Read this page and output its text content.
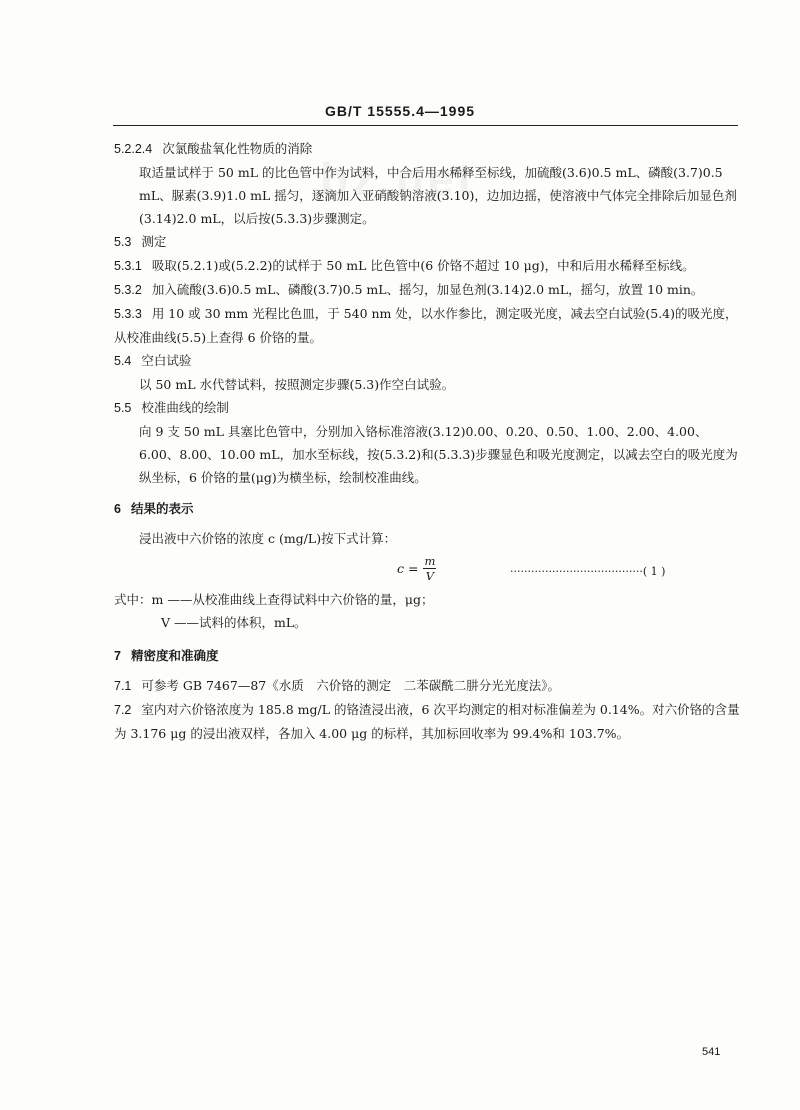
GB/T 15555.4—1995
bz.net

5.2.2.4 次氯酸盐氧化性物质的消除

取适量试样于 50 mL 的比色管中作为试料，中合后用水稀释至标线，加硫酸(3.6)0.5 mL、磷酸(3.7)0.5 mL、脲素(3.9)1.0 mL 摇匀，逐滴加入亚硝酸钠溶液(3.10)，边加边摇，使溶液中气体完全排除后加显色剂(3.14)2.0 mL，以后按(5.3.3)步骤测定。

5.3 测定

5.3.1 吸取(5.2.1)或(5.2.2)的试样于 50 mL 比色管中(6 价铬不超过 10 μg)，中和后用水稀释至标线。

5.3.2 加入硫酸(3.6)0.5 mL、磷酸(3.7)0.5 mL、摇匀，加显色剂(3.14)2.0 mL，摇匀，放置 10 min。

5.3.3 用 10 或 30 mm 光程比色皿，于 540 nm 处，以水作参比，测定吸光度，减去空白试验(5.4)的吸光度，从校准曲线(5.5)上查得 6 价铬的量。

5.4 空白试验

以 50 mL 水代替试料，按照测定步骤(5.3)作空白试验。

5.5 校准曲线的绘制

向 9 支 50 mL 具塞比色管中，分别加入铬标准溶液(3.12)0.00、0.20、0.50、1.00、2.00、4.00、6.00、8.00、10.00 mL，加水至标线，按(5.3.2)和(5.3.3)步骤显色和吸光度测定，以减去空白的吸光度为纵坐标，6 价铬的量(μg)为横坐标，绘制校准曲线。

6 结果的表示

浸出液中六价铬的浓度 c (mg/L)按下式计算：

$c = \frac{m}{V}$	······································( 1 )

式中：m ——从校准曲线上查得试料中六价铬的量，μg；

V ——试料的体积，mL。

7 精密度和准确度

7.1 可参考 GB 7467—87《水质　六价铬的测定　二苯碳酰二肼分光光度法》。

7.2 室内对六价铬浓度为 185.8 mg/L 的铬渣浸出液，6 次平均测定的相对标准偏差为 0.14%。对六价铬的含量为 3.176 μg 的浸出液双样，各加入 4.00 μg 的标样，其加标回收率为 99.4%和 103.7%。

541
